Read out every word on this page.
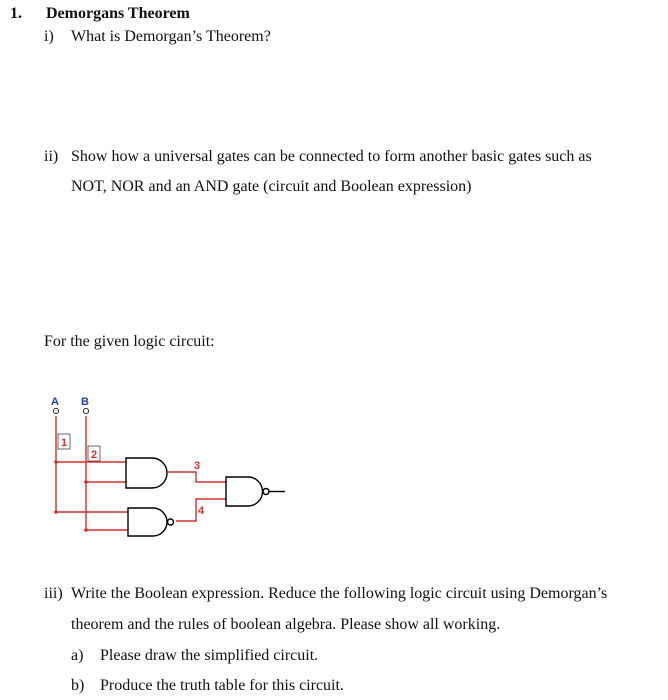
1. Demorgans Theorem
i) What is Demorgan’s Theorem?
ii) Show how a universal gates can be connected to form another basic gates such as
NOT, NOR and an AND gate (circuit and Boolean expression)
For the given logic circuit:
A B
1
2
3
4
iii) Write the Boolean expression. Reduce the following logic circuit using Demorgan’s
theorem and the rules of boolean algebra. Please show all working.
a) Please draw the simplified circuit.
b) Produce the truth table for this circuit.
